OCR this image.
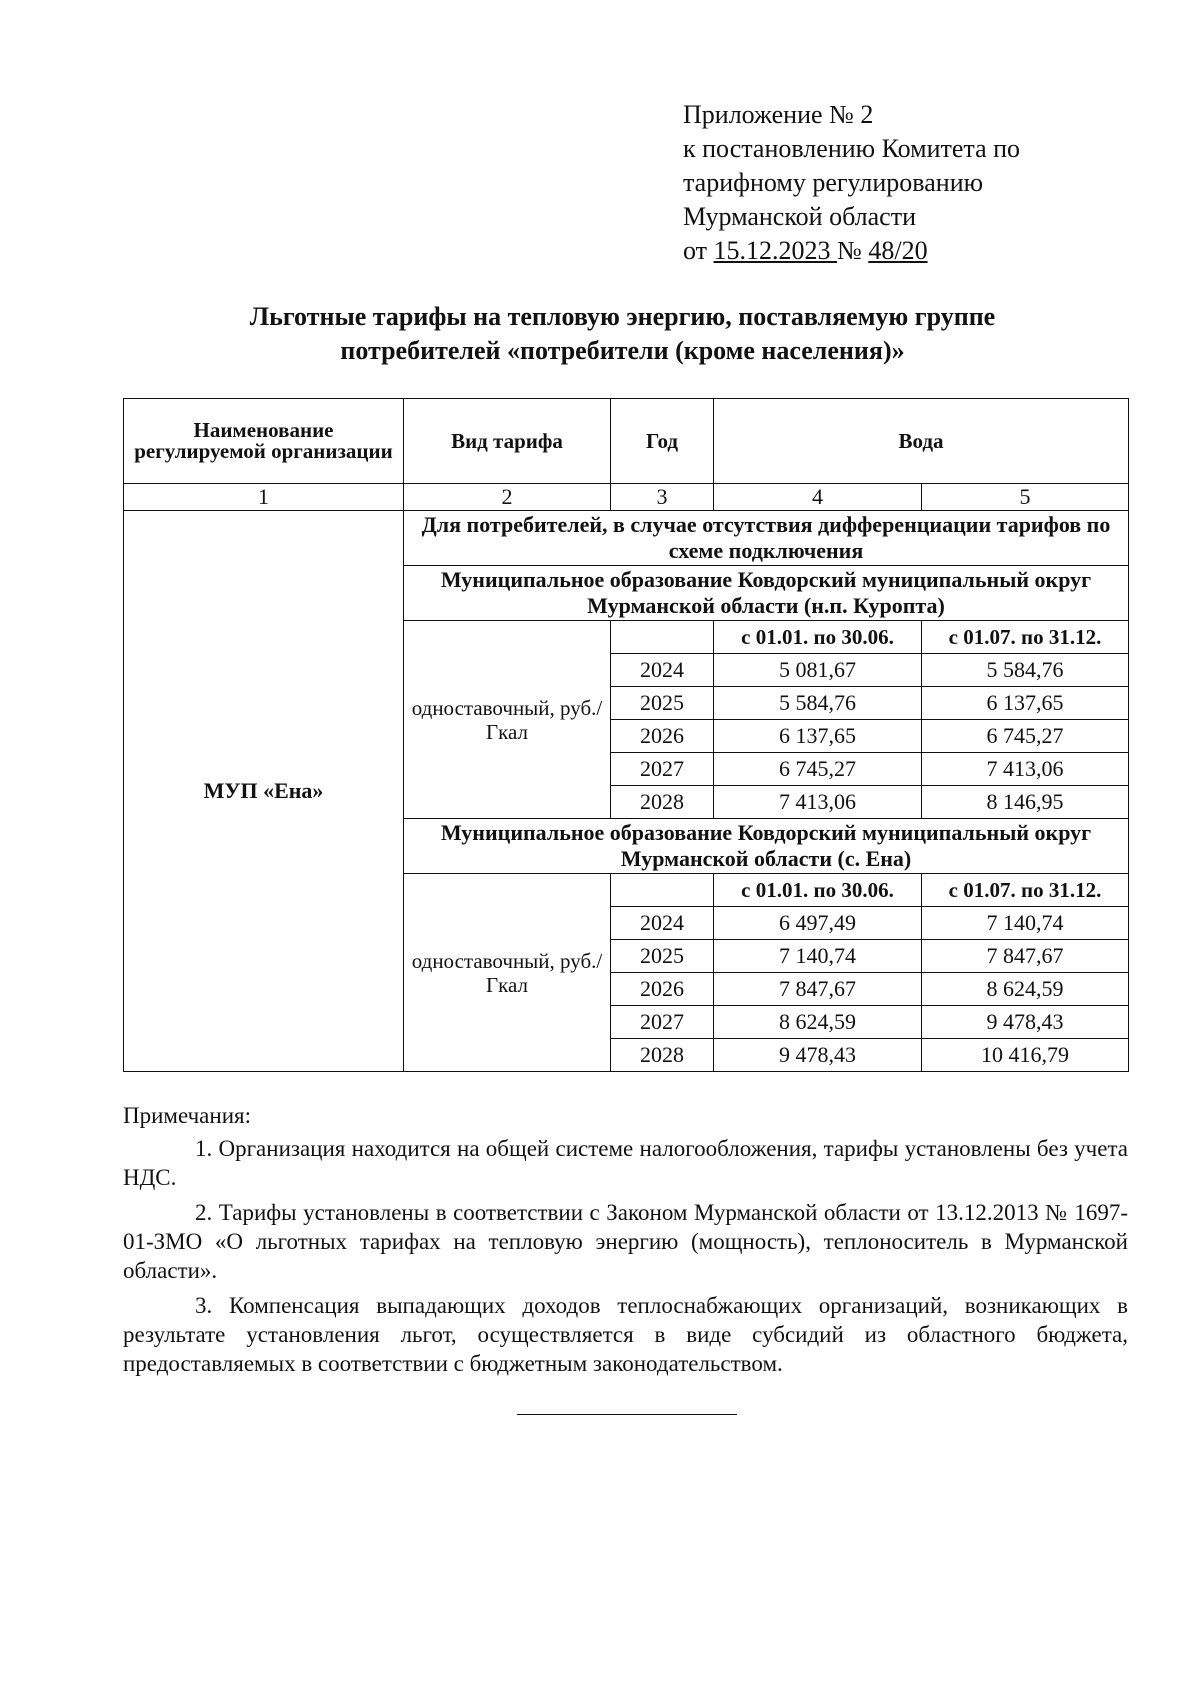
Приложение № 2
к постановлению Комитета по
тарифному регулированию
Мурманской области
от 15.12.2023 № 48/20
Льготные тарифы на тепловую энергию, поставляемую группе
потребителей «потребители (кроме населения)»
Наименование регулируемой организации	Вид тарифа	Год	Вода	
1	2	3	4	5
МУП «Ена»	Для потребителей, в случае отсутствия дифференциации тарифов по схеме подключения			
	Муниципальное образование Ковдорский муниципальный округ Мурманской области (н.п. Куропта)			
	одноставочный, руб./Гкал		с 01.01. по 30.06.	с 01.07. по 31.12.
		2024	5 081,67	5 584,76
		2025	5 584,76	6 137,65
		2026	6 137,65	6 745,27
		2027	6 745,27	7 413,06
		2028	7 413,06	8 146,95
	Муниципальное образование Ковдорский муниципальный округ Мурманской области (с. Ена)			
	одноставочный, руб./Гкал		с 01.01. по 30.06.	с 01.07. по 31.12.
		2024	6 497,49	7 140,74
		2025	7 140,74	7 847,67
		2026	7 847,67	8 624,59
		2027	8 624,59	9 478,43
		2028	9 478,43	10 416,79

Примечания:

1. Организация находится на общей системе налогообложения, тарифы установлены без учета НДС.

2. Тарифы установлены в соответствии с Законом Мурманской области от 13.12.2013 № 1697-01-ЗМО «О льготных тарифах на тепловую энергию (мощность), теплоноситель в Мурманской области».

3. Компенсация выпадающих доходов теплоснабжающих организаций, возникающих в результате установления льгот, осуществляется в виде субсидий из областного бюджета, предоставляемых в соответствии с бюджетным законодательством.
